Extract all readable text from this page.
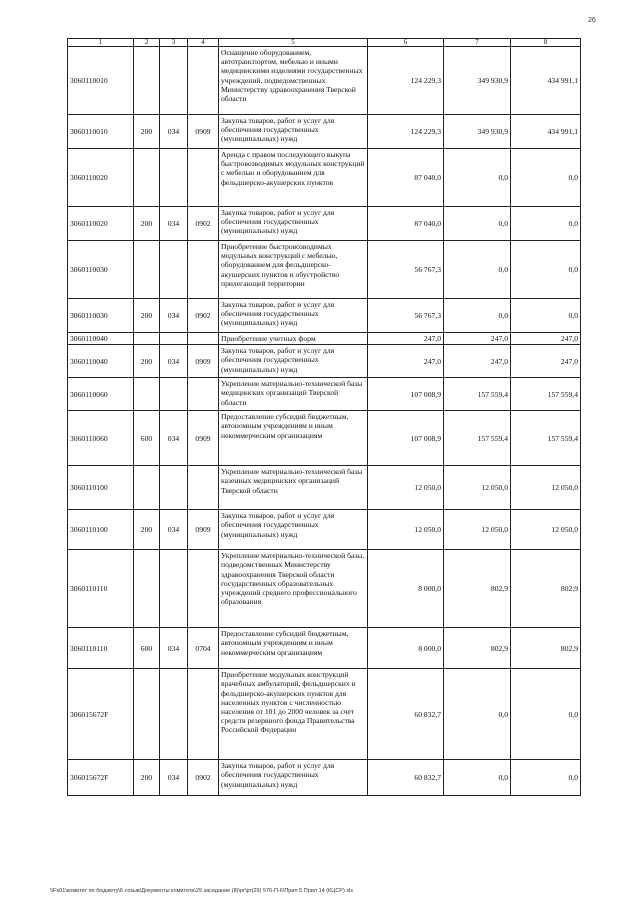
26
1	2	3	4	5	6	7	8
3060110010				Оснащение оборудованием, автотранспортом, мебелью и иными медицинскими изделиями государственных учреждений, подведомственных Министерству здравоохранения Тверской области	124 229,3	349 930,9	434 991,1
3060110010	200	034	0909	Закупка товаров, работ и услуг для обеспечения государственных (муниципальных) нужд	124 229,3	349 930,9	434 991,1
3060110020				Аренда с правом последующего выкупа быстровозводимых модульных конструкций с мебелью и оборудованием для фельдшерско-акушерских пунктов	87 040,0	0,0	0,0
3060110020	200	034	0902	Закупка товаров, работ и услуг для обеспечения государственных (муниципальных) нужд	87 040,0	0,0	0,0
3060110030				Приобретение быстровозводимых модульных конструкций с мебелью, оборудованием для фельдшерско-акушерских пунктов и обустройство прилегающей территории	56 767,3	0,0	0,0
3060110030	200	034	0902	Закупка товаров, работ и услуг для обеспечения государственных (муниципальных) нужд	56 767,3	0,0	0,0
3060110040				Приобретение учетных форм	247,0	247,0	247,0
3060110040	200	034	0909	Закупка товаров, работ и услуг для обеспечения государственных (муниципальных) нужд	247,0	247,0	247,0
3060110060				Укрепление материально-технической базы медицинских организаций Тверской области	107 008,9	157 559,4	157 559,4
3060110060	600	034	0909	Предоставление субсидий бюджетным, автономным учреждениям и иным некоммерческим организациям	107 008,9	157 559,4	157 559,4
3060110100				Укрепление материально-технической базы казенных медицинских организаций Тверской области	12 050,0	12 050,0	12 050,0
3060110100	200	034	0909	Закупка товаров, работ и услуг для обеспечения государственных (муниципальных) нужд	12 050,0	12 050,0	12 050,0
3060110110				Укрепление материально-технической базы, подведомственных Министерству здравоохранения Тверской области государственных образовательных учреждений среднего профессионального образования	8 000,0	802,9	802,9
3060110110	600	034	0704	Предоставление субсидий бюджетным, автономным учреждениям и иным некоммерческим организациям	8 000,0	802,9	802,9
306015672F				Приобретение модульных конструкций врачебных амбулаторий, фельдшерских и фельдшерско-акушерских пунктов для населенных пунктов с численностью населения от 101 до 2000 человек за счет средств резервного фонда Правительства Российской Федерации	60 832,7	0,0	0,0
306015672F	200	034	0902	Закупка товаров, работ и услуг для обеспечения государственных (муниципальных) нужд	60 832,7	0,0	0,0
\\Fs01\комитет по бюджету\6 созыв\Документы комитета\29 заседание (8)\рг\рг(29) 576-П-6\Прил 5 Прил 14 (КЦСР).xls
